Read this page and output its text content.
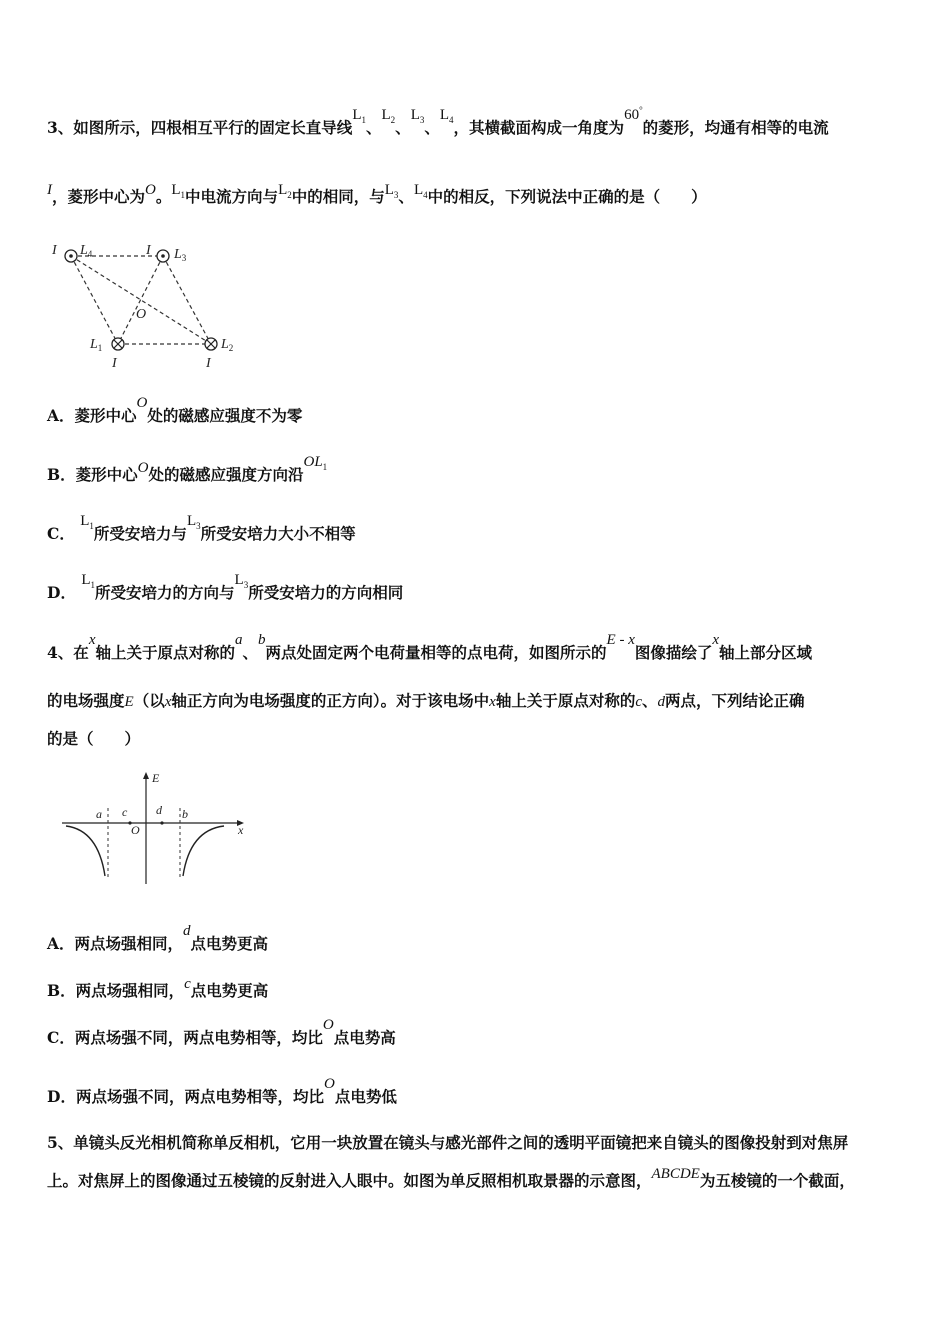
3、如图所示，四根相互平行的固定长直导线$L_1$、$L_2$、$L_3$、$L_4$，其横截面构成一角度为60°的菱形，均通有相等的电流
I，菱形中心为O。$L_1$中电流方向与$L_2$中的相同，与$L_3$、$L_4$中的相反，下列说法中正确的是（　　）
I $L_4$	I $L_3$
O
$L_1$
I
$L_2$
I
A．菱形中心O处的磁感应强度不为零
B．菱形中心O处的磁感应强度方向沿$OL_1$
C． $L_1$所受安培力与$L_3$所受安培力大小不相等
D． $L_1$所受安培力的方向与$L_3$所受安培力的方向相同
4、在x轴上关于原点对称的a、b两点处固定两个电荷量相等的点电荷，如图所示的E - x图像描绘了x轴上部分区域
的电场强度E（以x轴正方向为电场强度的正方向）。对于该电场中x轴上关于原点对称的c、d两点，下列结论正确
的是（　　）
E
x
a c d b
O
A．两点场强相同，d点电势更高
B．两点场强相同，c点电势更高
C．两点场强不同，两点电势相等，均比O点电势高
D．两点场强不同，两点电势相等，均比O点电势低
5、单镜头反光相机简称单反相机，它用一块放置在镜头与感光部件之间的透明平面镜把来自镜头的图像投射到对焦屏
上。对焦屏上的图像通过五棱镜的反射进入人眼中。如图为单反照相机取景器的示意图，ABCDE为五棱镜的一个截面，
